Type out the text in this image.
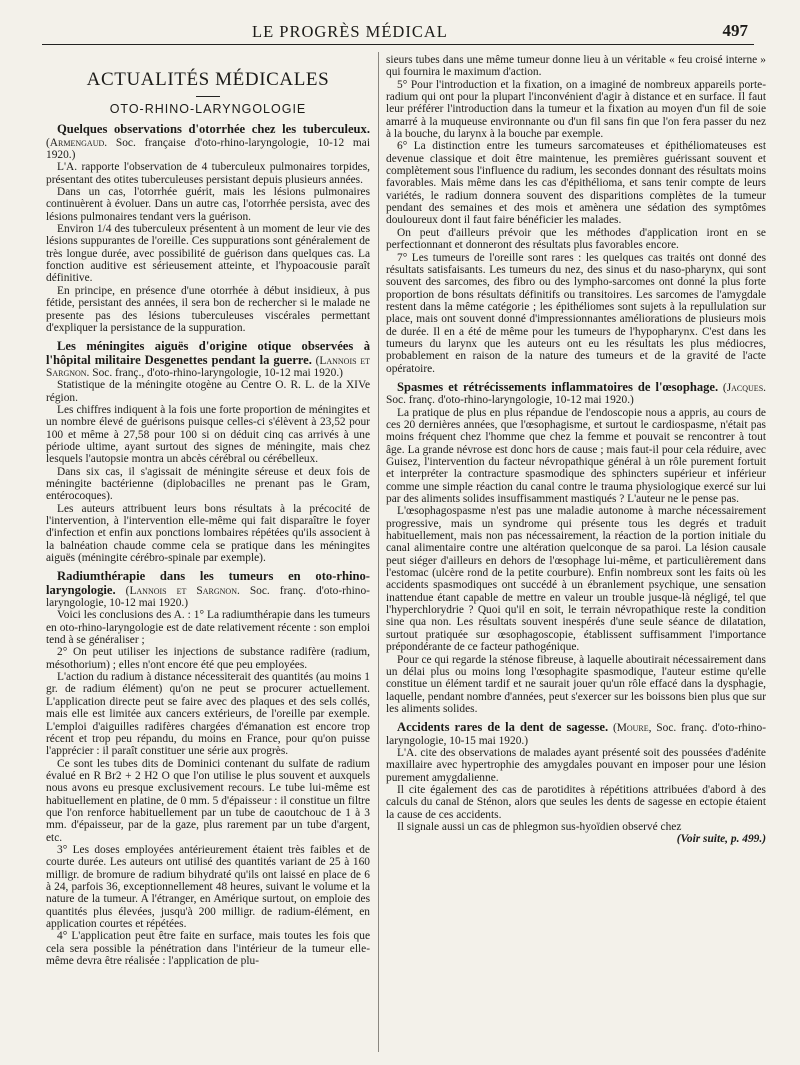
LE PROGRÈS MÉDICAL	497
ACTUALITÉS MÉDICALES
OTO-RHINO-LARYNGOLOGIE

Quelques observations d'otorrhée chez les tuberculeux. (Armengaud. Soc. française d'oto-rhino-laryngologie, 10-12 mai 1920.)

L'A. rapporte l'observation de 4 tuberculeux pulmonaires torpides, présentant des otites tuberculeuses persistant depuis plusieurs années.

Dans un cas, l'otorrhée guérit, mais les lésions pulmonaires continuèrent à évoluer. Dans un autre cas, l'otorrhée persista, avec des lésions pulmonaires tendant vers la guérison.

Environ 1/4 des tuberculeux présentent à un moment de leur vie des lésions suppurantes de l'oreille. Ces suppurations sont généralement de très longue durée, avec possibilité de guérison dans quelques cas. La fonction auditive est sérieusement atteinte, et l'hypoacousie paraît définitive.

En principe, en présence d'une otorrhée à début insidieux, à pus fétide, persistant des années, il sera bon de rechercher si le malade ne presente pas des lésions tuberculeuses viscérales permettant d'expliquer la persistance de la suppuration.

Les méningites aiguës d'origine otique observées à l'hôpital militaire Desgenettes pendant la guerre. (Lannois et Sargnon. Soc. franç., d'oto-rhino-laryngologie, 10-12 mai 1920.)

Statistique de la méningite otogène au Centre O. R. L. de la XIVe région.

Les chiffres indiquent à la fois une forte proportion de méningites et un nombre élevé de guérisons puisque celles-ci s'élèvent à 23,52 pour 100 et même à 27,58 pour 100 si on déduit cinq cas arrivés à une période ultime, ayant surtout des signes de méningite, mais chez lesquels l'autopsie montra un abcès cérébral ou cérébelleux.

Dans six cas, il s'agissait de méningite séreuse et deux fois de méningite bactérienne (diplobacilles ne prenant pas le Gram, entérocoques).

Les auteurs attribuent leurs bons résultats à la précocité de l'intervention, à l'intervention elle-même qui fait disparaître le foyer d'infection et enfin aux ponctions lombaires répétées qu'ils associent à la balnéation chaude comme cela se pratique dans les méningites aiguës (méningite cérébro-spinale par exemple).

Radiumthérapie dans les tumeurs en oto-rhino-laryngologie. (Lannois et Sargnon. Soc. franç. d'oto-rhino-laryngologie, 10-12 mai 1920.)

Voici les conclusions des A. : 1° La radiumthérapie dans les tumeurs en oto-rhino-laryngologie est de date relativement récente : son emploi tend à se généraliser ;

2° On peut utiliser les injections de substance radifère (radium, mésothorium) ; elles n'ont encore été que peu employées.

L'action du radium à distance nécessiterait des quantités (au moins 1 gr. de radium élément) qu'on ne peut se procurer actuellement. L'application directe peut se faire avec des plaques et des sels collés, mais elle est limitée aux cancers extérieurs, de l'oreille par exemple. L'emploi d'aiguilles radifères chargées d'émanation est encore trop récent et trop peu répandu, du moins en France, pour qu'on puisse l'apprécier : il paraît constituer une série aux progrès.

Ce sont les tubes dits de Dominici contenant du sulfate de radium évalué en R Br2 + 2 H2 O que l'on utilise le plus souvent et auxquels nous avons eu presque exclusivement recours. Le tube lui-même est habituellement en platine, de 0 mm. 5 d'épaisseur : il constitue un filtre que l'on renforce habituellement par un tube de caoutchouc de 1 à 3 mm. d'épaisseur, par de la gaze, plus rarement par un tube d'argent, etc.

3° Les doses employées antérieurement étaient très faibles et de courte durée. Les auteurs ont utilisé des quantités variant de 25 à 160 milligr. de bromure de radium bihydraté qu'ils ont laissé en place de 6 à 24, parfois 36, exceptionnellement 48 heures, suivant le volume et la nature de la tumeur. A l'étranger, en Amérique surtout, on emploie des quantités plus élevées, jusqu'à 200 milligr. de radium-élément, en application courtes et répétées.

4° L'application peut être faite en surface, mais toutes les fois que cela sera possible la pénétration dans l'intérieur de la tumeur elle-même devra être réalisée : l'application de plu-

sieurs tubes dans une même tumeur donne lieu à un véritable « feu croisé interne » qui fournira le maximum d'action.

5° Pour l'introduction et la fixation, on a imaginé de nombreux appareils porte-radium qui ont pour la plupart l'inconvénient d'agir à distance et en surface. Il faut leur préférer l'introduction dans la tumeur et la fixation au moyen d'un fil de soie amarré à la muqueuse environnante ou d'un fil sans fin que l'on fera passer du nez à la bouche, du larynx à la bouche par exemple.

6° La distinction entre les tumeurs sarcomateuses et épithéliomateuses est devenue classique et doit être maintenue, les premières guérissant souvent et complètement sous l'influence du radium, les secondes donnant des résultats moins favorables. Mais même dans les cas d'épithélioma, et sans tenir compte de leurs variétés, le radium donnera souvent des disparitions complètes de la tumeur pendant des semaines et des mois et amènera une sédation des symptômes douloureux dont il faut faire bénéficier les malades.

On peut d'ailleurs prévoir que les méthodes d'application iront en se perfectionnant et donneront des résultats plus favorables encore.

7° Les tumeurs de l'oreille sont rares : les quelques cas traités ont donné des résultats satisfaisants. Les tumeurs du nez, des sinus et du naso-pharynx, qui sont souvent des sarcomes, des fibro ou des lympho-sarcomes ont donné la plus forte proportion de bons résultats définitifs ou transitoires. Les sarcomes de l'amygdale restent dans la même catégorie ; les épithéliomes sont sujets à la repullulation sur place, mais ont souvent donné d'impressionnantes améliorations de plusieurs mois de durée. Il en a été de même pour les tumeurs de l'hypopharynx. C'est dans les tumeurs du larynx que les auteurs ont eu les résultats les plus médiocres, probablement en raison de la nature des tumeurs et de la gravité de l'acte opératoire.

Spasmes et rétrécissements inflammatoires de l'œsophage. (Jacques. Soc. franç. d'oto-rhino-laryngologie, 10-12 mai 1920.)

La pratique de plus en plus répandue de l'endoscopie nous a appris, au cours de ces 20 dernières années, que l'œsophagisme, et surtout le cardiospasme, n'était pas moins fréquent chez l'homme que chez la femme et pouvait se rencontrer à tout âge. La grande névrose est donc hors de cause ; mais faut-il pour cela réduire, avec Guisez, l'intervention du facteur névropathique général à un rôle purement fortuit et interpréter la contracture spasmodique des sphincters supérieur et inférieur comme une simple réaction du canal contre le trauma physiologique exercé sur lui par des aliments solides insuffisamment mastiqués ? L'auteur ne le pense pas.

L'œsophagospasme n'est pas une maladie autonome à marche nécessairement progressive, mais un syndrome qui présente tous les degrés et traduit habituellement, mais non pas nécessairement, la réaction de la portion initiale du canal alimentaire contre une altération quelconque de sa paroi. La lésion causale peut siéger d'ailleurs en dehors de l'œsophage lui-même, et particulièrement dans l'estomac (ulcère rond de la petite courbure). Enfin nombreux sont les faits où les accidents spasmodiques ont succédé à un ébranlement psychique, une sensation inattendue étant capable de mettre en valeur un trouble jusque-là négligé, tel que l'hyperchlorydrie ? Quoi qu'il en soit, le terrain névropathique reste la condition sine qua non. Les résultats souvent inespérés d'une seule séance de dilatation, surtout pratiquée sur œsophagoscopie, établissent suffisamment l'importance prépondérante de ce facteur pathogénique.

Pour ce qui regarde la sténose fibreuse, à laquelle aboutirait nécessairement dans un délai plus ou moins long l'œsophagite spasmodique, l'auteur estime qu'elle constitue un élément tardif et ne saurait jouer qu'un rôle effacé dans la dysphagie, laquelle, pendant nombre d'années, peut s'exercer sur les boissons bien plus que sur les aliments solides.

Accidents rares de la dent de sagesse. (Moure, Soc. franç. d'oto-rhino-laryngologie, 10-15 mai 1920.)

L'A. cite des observations de malades ayant présenté soit des poussées d'adénite maxillaire avec hypertrophie des amygdales pouvant en imposer pour une lésion purement amygdalienne.

Il cite également des cas de parotidites à répétitions attribuées d'abord à des calculs du canal de Sténon, alors que seules les dents de sagesse en ectopie étaient la cause de ces accidents.

Il signale aussi un cas de phlegmon sus-hyoïdien observé chez

(Voir suite, p. 499.)
